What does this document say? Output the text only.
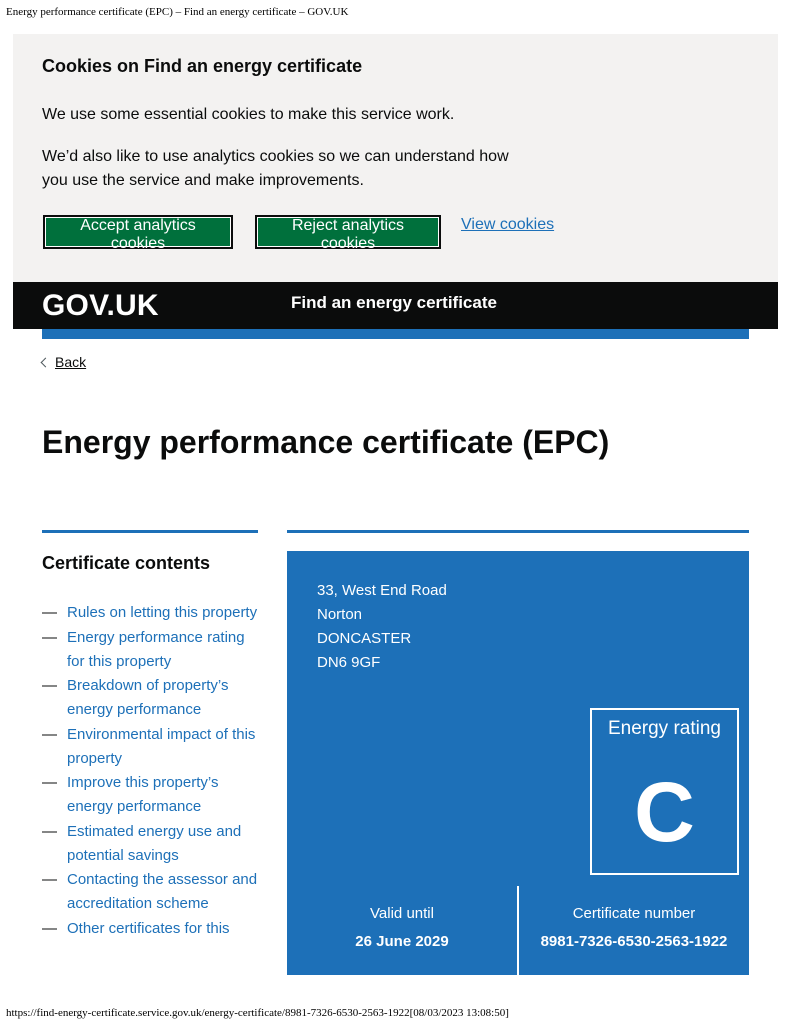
Energy performance certificate (EPC) – Find an energy certificate – GOV.UK
Cookies on Find an energy certificate
We use some essential cookies to make this service work.
We’d also like to use analytics cookies so we can understand how you use the service and make improvements.
Accept analytics cookies
Reject analytics cookies
View cookies
GOV.UK	Find an energy certificate
Back
Energy performance certificate (EPC)
Certificate contents
— Rules on letting this property
— Energy performance rating for this property
— Breakdown of property’s energy performance
— Environmental impact of this property
— Improve this property’s energy performance
— Estimated energy use and potential savings
— Contacting the assessor and accreditation scheme
— Other certificates for this
33, West End Road
Norton
DONCASTER
DN6 9GF
Energy rating
C
Valid until
26 June 2029
Certificate number
8981-7326-6530-2563-1922
https://find-energy-certificate.service.gov.uk/energy-certificate/8981-7326-6530-2563-1922[08/03/2023 13:08:50]
